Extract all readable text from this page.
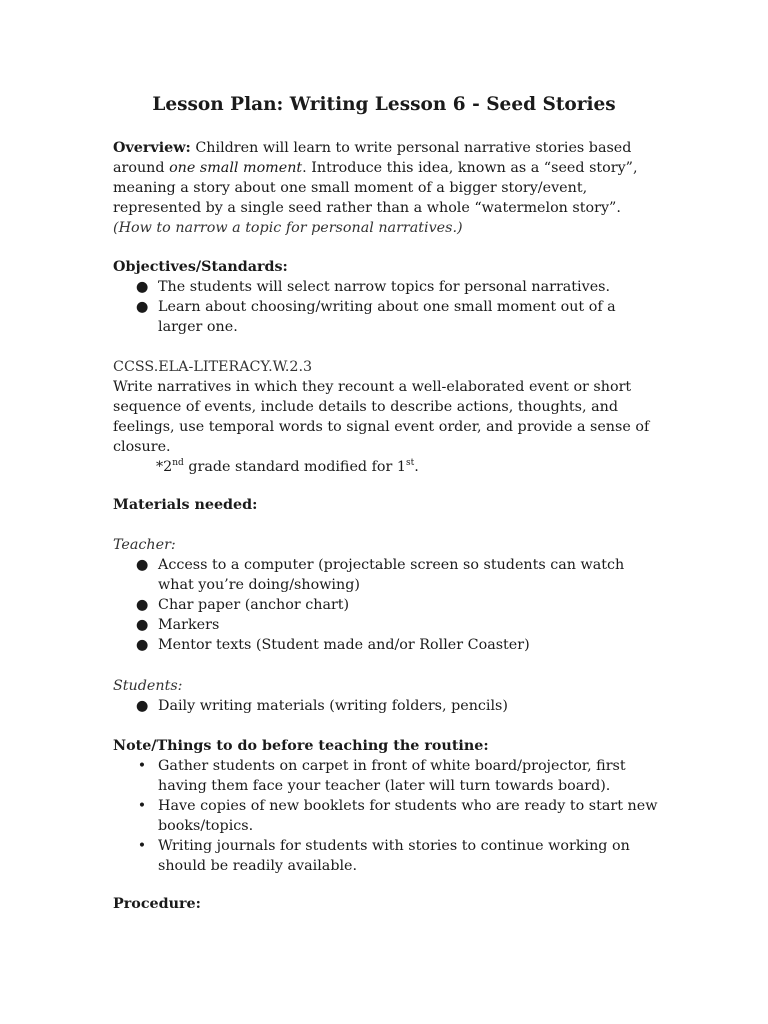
Lesson Plan: Writing Lesson 6 - Seed Stories

Overview: Children will learn to write personal narrative stories based around one small moment. Introduce this idea, known as a “seed story”, meaning a story about one small moment of a bigger story/event, represented by a single seed rather than a whole “watermelon story”. (How to narrow a topic for personal narratives.)

Objectives/Standards:

● The students will select narrow topics for personal narratives.
● Learn about choosing/writing about one small moment out of a larger one.

CCSS.ELA-LITERACY.W.2.3

Write narratives in which they recount a well-elaborated event or short sequence of events, include details to describe actions, thoughts, and feelings, use temporal words to signal event order, and provide a sense of closure.

*2nd grade standard modified for 1st.

Materials needed:

Teacher:

● Access to a computer (projectable screen so students can watch what you’re doing/showing)
● Char paper (anchor chart)
● Markers
● Mentor texts (Student made and/or Roller Coaster)

Students:

● Daily writing materials (writing folders, pencils)

Note/Things to do before teaching the routine:

• Gather students on carpet in front of white board/projector, first having them face your teacher (later will turn towards board).
• Have copies of new booklets for students who are ready to start new books/topics.
• Writing journals for students with stories to continue working on should be readily available.

Procedure:
